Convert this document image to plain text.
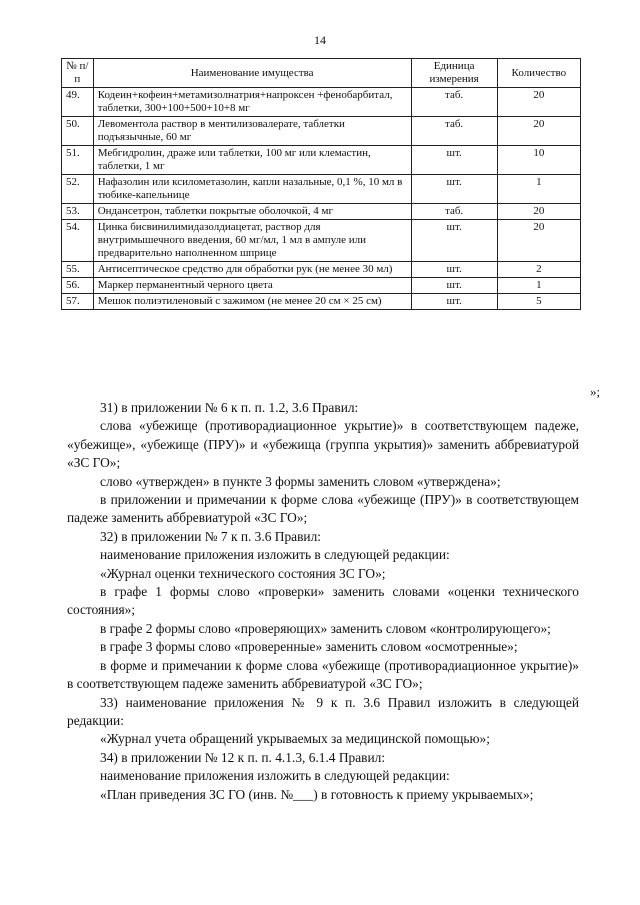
14
№ п/п	Наименование имущества	Единица измерения	Количество
49.	Кодеин+кофеин+метамизолнатрия+напроксен +фенобарбитал, таблетки, 300+100+500+10+8 мг	таб.	20
50.	Левоментола раствор в ментилизовалерате, таблетки подъязычные, 60 мг	таб.	20
51.	Мебгидролин, драже или таблетки, 100 мг или клемастин, таблетки, 1 мг	шт.	10
52.	Нафазолин или ксилометазолин, капли назальные, 0,1 %, 10 мл в тюбике-капельнице	шт.	1
53.	Ондансетрон, таблетки покрытые оболочкой, 4 мг	таб.	20
54.	Цинка бисвинилимидазолдиацетат, раствор для внутримышечного введения, 60 мг/мл, 1 мл в ампуле или предварительно наполненном шприце	шт.	20
55.	Антисептическое средство для обработки рук (не менее 30 мл)	шт.	2
56.	Маркер перманентный черного цвета	шт.	1
57.	Мешок полиэтиленовый с зажимом (не менее 20 см × 25 см)	шт.	5
»;

31) в приложении № 6 к п. п. 1.2, 3.6 Правил:

слова «убежище (противорадиационное укрытие)» в соответствующем падеже, «убежище», «убежище (ПРУ)» и «убежища (группа укрытия)» заменить аббревиатурой «ЗС ГО»;

слово «утвержден» в пункте 3 формы заменить словом «утверждена»;

в приложении и примечании к форме слова «убежище (ПРУ)» в соответствующем падеже заменить аббревиатурой «ЗС ГО»;

32) в приложении № 7 к п. 3.6 Правил:

наименование приложения изложить в следующей редакции:

«Журнал оценки технического состояния ЗС ГО»;

в графе 1 формы слово «проверки» заменить словами «оценки технического состояния»;

в графе 2 формы слово «проверяющих» заменить словом «контролирующего»;

в графе 3 формы слово «проверенные» заменить словом «осмотренные»;

в форме и примечании к форме слова «убежище (противорадиационное укрытие)» в соответствующем падеже заменить аббревиатурой «ЗС ГО»;

33) наименование приложения № 9 к п. 3.6 Правил изложить в следующей редакции:

«Журнал учета обращений укрываемых за медицинской помощью»;

34) в приложении № 12 к п. п. 4.1.3, 6.1.4 Правил:

наименование приложения изложить в следующей редакции:

«План приведения ЗС ГО (инв. №___) в готовность к приему укрываемых»;
